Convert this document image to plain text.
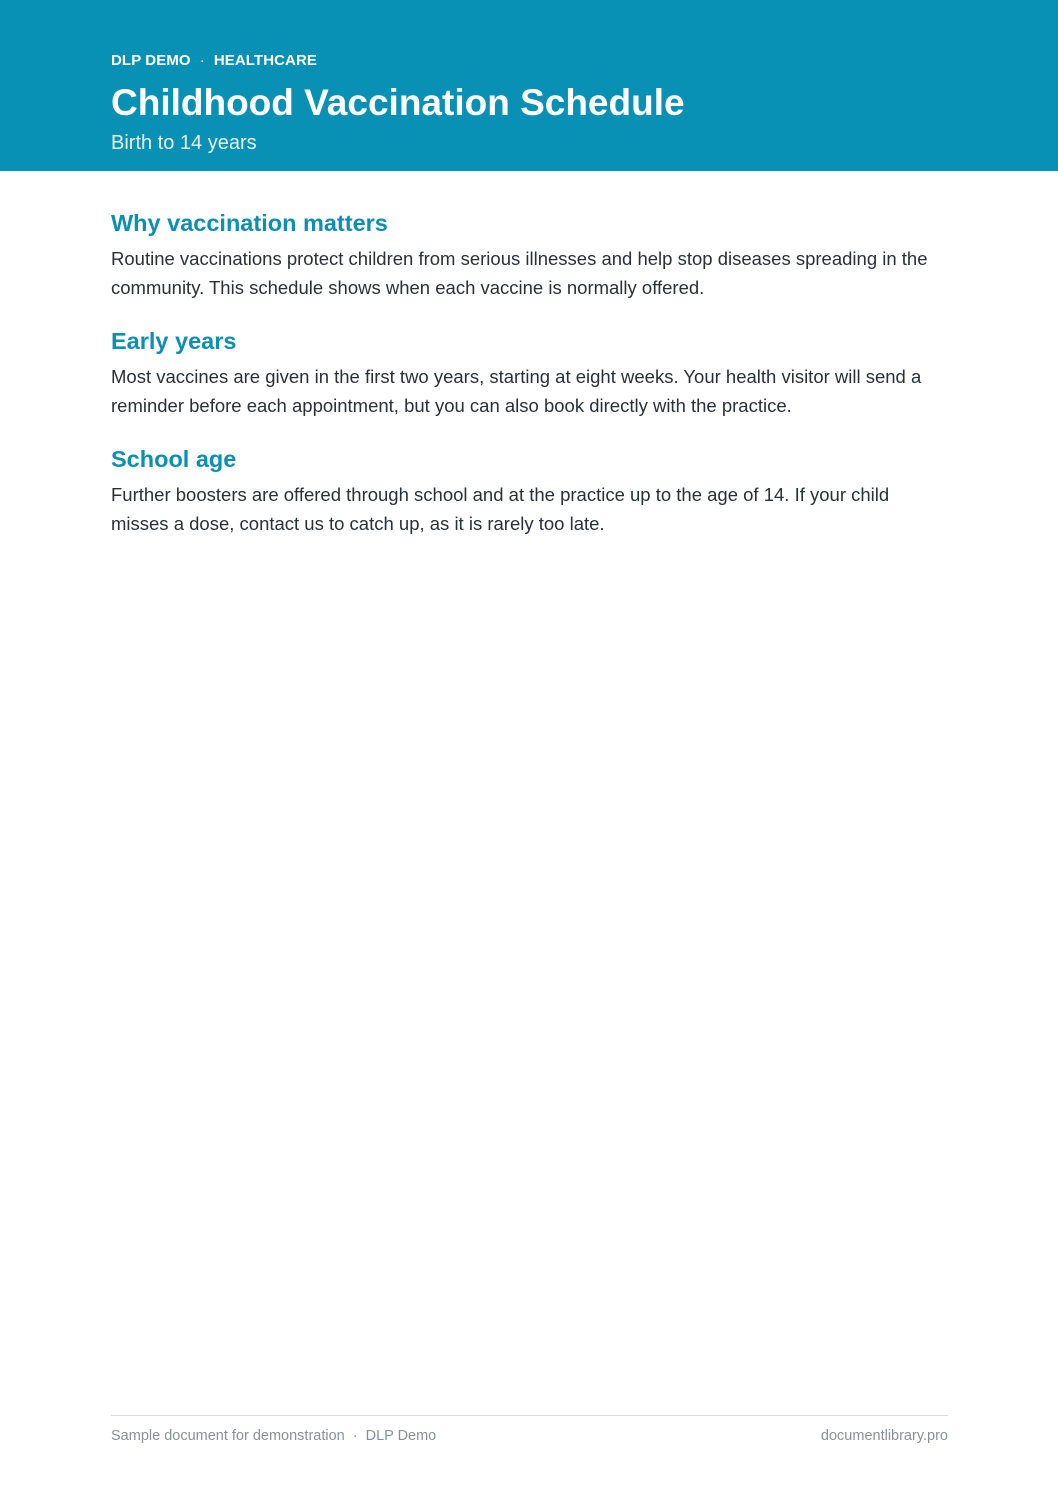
DLP DEMO · HEALTHCARE
Childhood Vaccination Schedule
Birth to 14 years
Why vaccination matters

Routine vaccinations protect children from serious illnesses and help stop diseases spreading in the community. This schedule shows when each vaccine is normally offered.

Early years

Most vaccines are given in the first two years, starting at eight weeks. Your health visitor will send a reminder before each appointment, but you can also book directly with the practice.

School age

Further boosters are offered through school and at the practice up to the age of 14. If your child misses a dose, contact us to catch up, as it is rarely too late.

Sample document for demonstration · DLP Demo	documentlibrary.pro
